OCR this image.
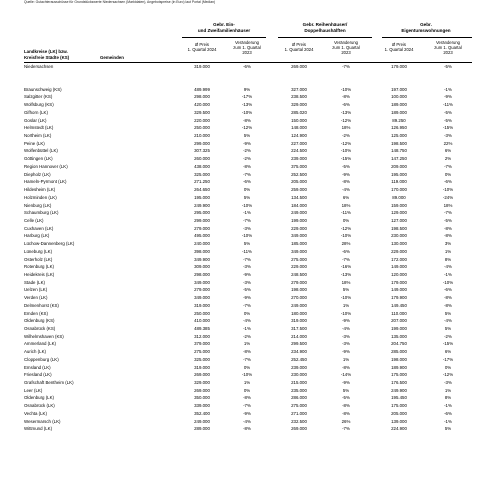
Quelle: Gutachterausschüsse für Grundstückswerte Niedersachsen (Marktdaten), Angebotspreise (in Euro) laut Portal (Median)
Gebr. Ein-
und Zweifamilienhäuser
Gebr. Reihenhäuser/
Doppelhaushälften
Gebr.
Eigentumswohnungen
Landkreise (LK) bzw.
Kreisfreie Städte (KS)	Gemeinden
Ø Preis
1. Quartal 2024
Veränderung
zum 1. Quartal
2023
Ø Preis
1. Quartal 2024
Veränderung
zum 1. Quartal
2023
Ø Preis
1. Quartal 2024
Veränderung
zum 1. Quartal
2023
Niedersachsen	319.000	-6%	269.000	-7%	179.000	-5%
Braunschweig (KS)	489.999	9%	327.000	-10%	197.000	-1%
Salzgitter (KS)	298.000	-17%	238.500	-8%	100.000	-9%
Wolfsburg (KS)	420.000	-13%	329.000	-6%	189.000	-11%
Gifhorn (LK)	329.500	-10%	285.020	-13%	189.000	-5%
Goslar (LK)	220.000	-8%	150.000	-12%	89.250	-5%
Helmstedt (LK)	250.000	-12%	148.000	18%	126.950	-15%
Northeim (LK)	210.000	5%	124.900	-2%	125.000	-3%
Peine (LK)	299.000	-9%	227.000	-12%	198.500	22%
Wolfenbüttel (LK)	307.325	-2%	224.500	-10%	148.750	6%
Göttingen (LK)	260.000	-2%	239.000	-15%	147.250	2%
Region Hannover (LK)	438.000	-8%	375.000	-5%	209.000	-7%
Diepholz (LK)	325.000	-7%	252.500	-9%	195.000	0%
Hameln-Pyrmont (LK)	271.250	-6%	205.000	-8%	119.000	-6%
Hildesheim (LK)	264.650	0%	259.000	-4%	170.000	-10%
Holzminden (LK)	195.000	5%	134.500	6%	89.000	-24%
Nienburg (LK)	249.900	-10%	184.000	18%	159.000	18%
Schaumburg (LK)	295.000	-1%	249.000	-11%	129.000	-7%
Celle (LK)	299.000	-7%	199.000	0%	127.000	-5%
Cuxhaven (LK)	279.000	-3%	229.000	-12%	198.500	-8%
Harburg (LK)	495.000	-10%	349.000	-10%	230.000	-8%
Lüchow-Dannenberg (LK)	240.000	5%	185.000	28%	130.000	3%
Lüneburg (LK)	398.000	-11%	349.000	-6%	229.000	1%
Osterholz (LK)	349.900	-7%	275.000	-7%	172.000	8%
Rotenburg (LK)	309.000	-3%	229.000	-16%	149.000	-4%
Heidekreis (LK)	298.000	-9%	248.500	-13%	120.000	-1%
Stade (LK)	349.000	-3%	279.000	18%	179.000	-10%
Uelzen (LK)	279.000	-5%	198.000	5%	149.000	-6%
Verden (LK)	349.000	-9%	270.000	-10%	179.900	-8%
Delmenhorst (KS)	319.000	-7%	249.000	1%	149.450	-8%
Emden (KS)	250.000	0%	180.000	-10%	110.000	5%
Oldenburg (KS)	410.000	-4%	319.000	-9%	207.000	-4%
Osnabrück (KS)	489.385	-1%	317.500	-4%	199.000	5%
Wilhelmshaven (KS)	312.000	-2%	214.000	-3%	135.000	-2%
Ammerland (LK)	379.000	1%	299.500	-3%	204.750	-15%
Aurich (LK)	275.000	-8%	234.900	-9%	285.000	6%
Cloppenburg (LK)	325.000	-7%	252.450	1%	198.000	-17%
Emsland (LK)	319.000	0%	239.000	-8%	189.900	0%
Friesland (LK)	269.000	-10%	230.000	-14%	175.000	-12%
Grafschaft Bentheim (LK)	329.000	1%	215.000	-9%	176.500	-3%
Leer (LK)	269.000	0%	235.000	5%	249.900	1%
Oldenburg (LK)	350.000	-8%	286.000	-5%	195.450	8%
Osnabrück (LK)	339.000	-7%	275.000	-8%	175.000	-1%
Vechta (LK)	352.400	-9%	271.000	-8%	205.000	-6%
Wesermarsch (LK)	249.000	-4%	232.500	26%	139.000	-1%
Wittmund (LK)	289.000	-8%	269.000	-7%	224.900	5%
